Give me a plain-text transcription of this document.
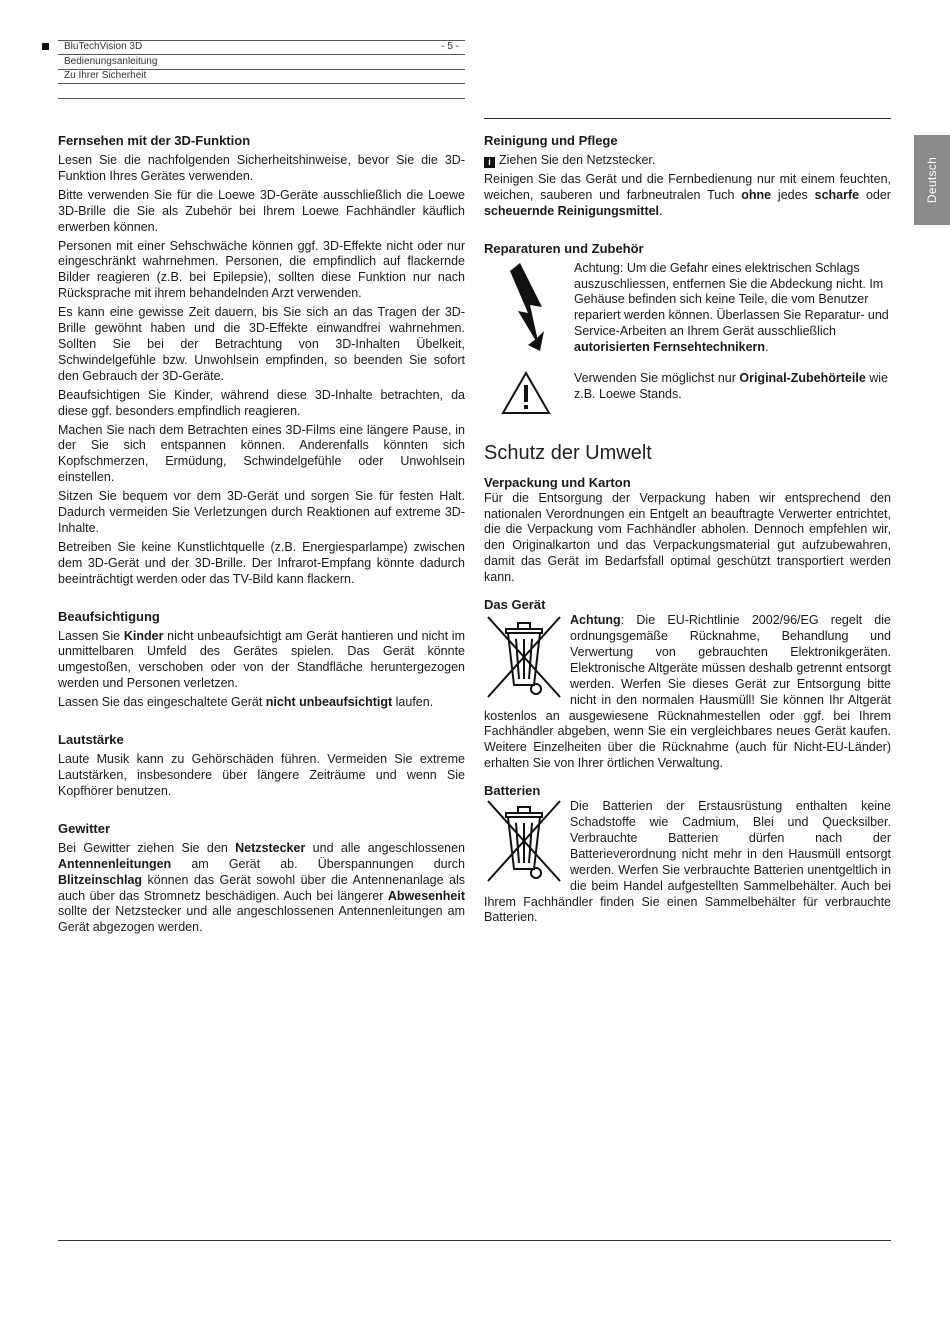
BluTechVision 3D	- 5 -
Bedienungsanleitung
Zu Ihrer Sicherheit
Deutsch
Fernsehen mit der 3D-Funktion

Lesen Sie die nachfolgenden Sicherheitshinweise, bevor Sie die 3D-Funktion Ihres Gerätes verwenden.

Bitte verwenden Sie für die Loewe 3D-Geräte ausschließlich die Loewe 3D-Brille die Sie als Zubehör bei Ihrem Loewe Fachhändler käuflich erwerben können.

Personen mit einer Sehschwäche können ggf. 3D-Effekte nicht oder nur eingeschränkt wahrnehmen. Personen, die empfindlich auf flackernde Bilder reagieren (z.B. bei Epilepsie), sollten diese Funktion nur nach Rücksprache mit ihrem behandelnden Arzt verwenden.

Es kann eine gewisse Zeit dauern, bis Sie sich an das Tragen der 3D-Brille gewöhnt haben und die 3D-Effekte einwandfrei wahrnehmen. Sollten Sie bei der Betrachtung von 3D-Inhalten Übelkeit, Schwindelgefühle bzw. Unwohlsein empfinden, so beenden Sie sofort den Gebrauch der 3D-Geräte.

Beaufsichtigen Sie Kinder, während diese 3D-Inhalte betrachten, da diese ggf. besonders empfindlich reagieren.

Machen Sie nach dem Betrachten eines 3D-Films eine längere Pause, in der Sie sich entspannen können. Anderenfalls könnten sich Kopfschmerzen, Ermüdung, Schwindelgefühle oder Unwohlsein einstellen.

Sitzen Sie bequem vor dem 3D-Gerät und sorgen Sie für festen Halt. Dadurch vermeiden Sie Verletzungen durch Reaktionen auf extreme 3D-Inhalte.

Betreiben Sie keine Kunstlichtquelle (z.B. Energiesparlampe) zwischen dem 3D-Gerät und der 3D-Brille. Der Infrarot-Empfang könnte dadurch beeinträchtigt werden oder das TV-Bild kann flackern.

Beaufsichtigung

Lassen Sie Kinder nicht unbeaufsichtigt am Gerät hantieren und nicht im unmittelbaren Umfeld des Gerätes spielen. Das Gerät könnte umgestoßen, verschoben oder von der Standfläche heruntergezogen werden und Personen verletzen.

Lassen Sie das eingeschaltete Gerät nicht unbeaufsichtigt laufen.

Lautstärke

Laute Musik kann zu Gehörschäden führen. Vermeiden Sie extreme Lautstärken, insbesondere über längere Zeiträume und wenn Sie Kopfhörer benutzen.

Gewitter

Bei Gewitter ziehen Sie den Netzstecker und alle angeschlossenen Antennenleitungen am Gerät ab. Überspannungen durch Blitzeinschlag können das Gerät sowohl über die Antennenanlage als auch über das Stromnetz beschädigen. Auch bei längerer Abwesenheit sollte der Netzstecker und alle angeschlossenen Antennenleitungen am Gerät abgezogen werden.

Reinigung und Pflege

i Ziehen Sie den Netzstecker.

Reinigen Sie das Gerät und die Fernbedienung nur mit einem feuchten, weichen, sauberen und farbneutralen Tuch ohne jedes scharfe oder scheuernde Reinigungsmittel.

Reparaturen und Zubehör

Achtung: Um die Gefahr eines elektrischen Schlags auszuschliessen, entfernen Sie die Abdeckung nicht. Im Gehäuse befinden sich keine Teile, die vom Benutzer repariert werden können. Überlassen Sie Reparatur- und Service-Arbeiten an Ihrem Gerät ausschließlich autorisierten Fernsehtechnikern.

Verwenden Sie möglichst nur Original-Zubehörteile wie z.B. Loewe Stands.

Schutz der Umwelt
Verpackung und Karton

Für die Entsorgung der Verpackung haben wir entsprechend den nationalen Verordnungen ein Entgelt an beauftragte Verwerter entrichtet, die die Verpackung vom Fachhändler abholen. Dennoch empfehlen wir, den Originalkarton und das Verpackungsmaterial gut aufzubewahren, damit das Gerät im Bedarfsfall optimal geschützt transportiert werden kann.

Das Gerät

Achtung: Die EU-Richtlinie 2002/96/EG regelt die ordnungsgemäße Rücknahme, Behandlung und Verwertung von gebrauchten Elektronikgeräten. Elektronische Altgeräte müssen deshalb getrennt entsorgt werden. Werfen Sie dieses Gerät zur Entsorgung bitte nicht in den normalen Hausmüll! Sie können Ihr Altgerät kostenlos an ausgewiesene Rücknahmestellen oder ggf. bei Ihrem Fachhändler abgeben, wenn Sie ein vergleichbares neues Gerät kaufen. Weitere Einzelheiten über die Rücknahme (auch für Nicht-EU-Länder) erhalten Sie von Ihrer örtlichen Verwaltung.

Batterien

Die Batterien der Erstausrüstung enthalten keine Schadstoffe wie Cadmium, Blei und Quecksilber. Verbrauchte Batterien dürfen nach der Batterieverordnung nicht mehr in den Hausmüll entsorgt werden. Werfen Sie verbrauchte Batterien unentgeltlich in die beim Handel aufgestellten Sammelbehälter. Auch bei Ihrem Fachhändler finden Sie einen Sammelbehälter für verbrauchte Batterien.
